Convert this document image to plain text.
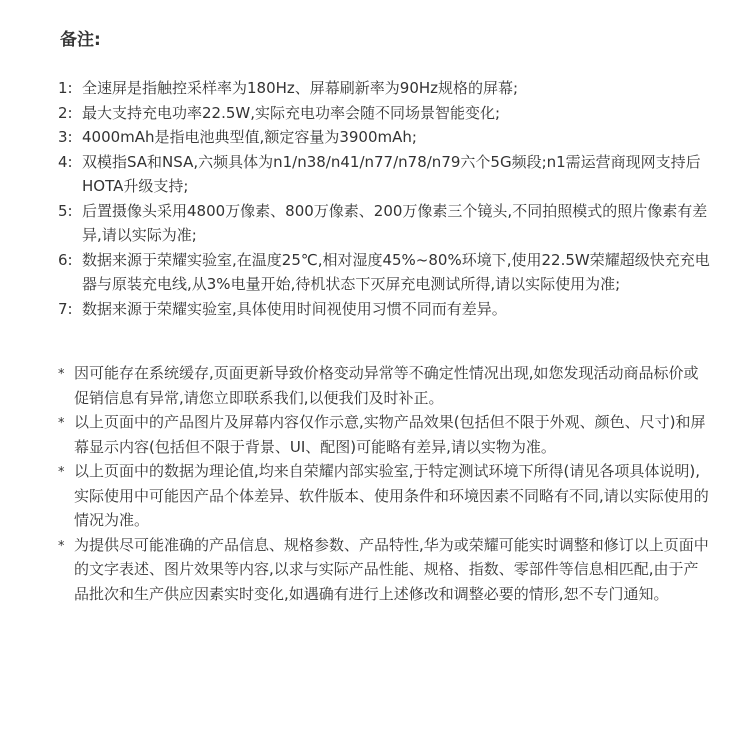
备注:
1: 全速屏是指触控采样率为180Hz、屏幕刷新率为90Hz规格的屏幕;
2: 最大支持充电功率22.5W,实际充电功率会随不同场景智能变化;
3: 4000mAh是指电池典型值,额定容量为3900mAh;
4: 双模指SA和NSA,六频具体为n1/n38/n41/n77/n78/n79六个5G频段;n1需运营商现网支持后HOTA升级支持;
5: 后置摄像头采用4800万像素、800万像素、200万像素三个镜头,不同拍照模式的照片像素有差异,请以实际为准;
6: 数据来源于荣耀实验室,在温度25℃,相对湿度45%~80%环境下,使用22.5W荣耀超级快充充电器与原装充电线,从3%电量开始,待机状态下灭屏充电测试所得,请以实际使用为准;
7: 数据来源于荣耀实验室,具体使用时间视使用习惯不同而有差异。
* 因可能存在系统缓存,页面更新导致价格变动异常等不确定性情况出现,如您发现活动商品标价或促销信息有异常,请您立即联系我们,以便我们及时补正。
* 以上页面中的产品图片及屏幕内容仅作示意,实物产品效果(包括但不限于外观、颜色、尺寸)和屏幕显示内容(包括但不限于背景、UI、配图)可能略有差异,请以实物为准。
* 以上页面中的数据为理论值,均来自荣耀内部实验室,于特定测试环境下所得(请见各项具体说明),实际使用中可能因产品个体差异、软件版本、使用条件和环境因素不同略有不同,请以实际使用的情况为准。
* 为提供尽可能准确的产品信息、规格参数、产品特性,华为或荣耀可能实时调整和修订以上页面中的文字表述、图片效果等内容,以求与实际产品性能、规格、指数、零部件等信息相匹配,由于产品批次和生产供应因素实时变化,如遇确有进行上述修改和调整必要的情形,恕不专门通知。
